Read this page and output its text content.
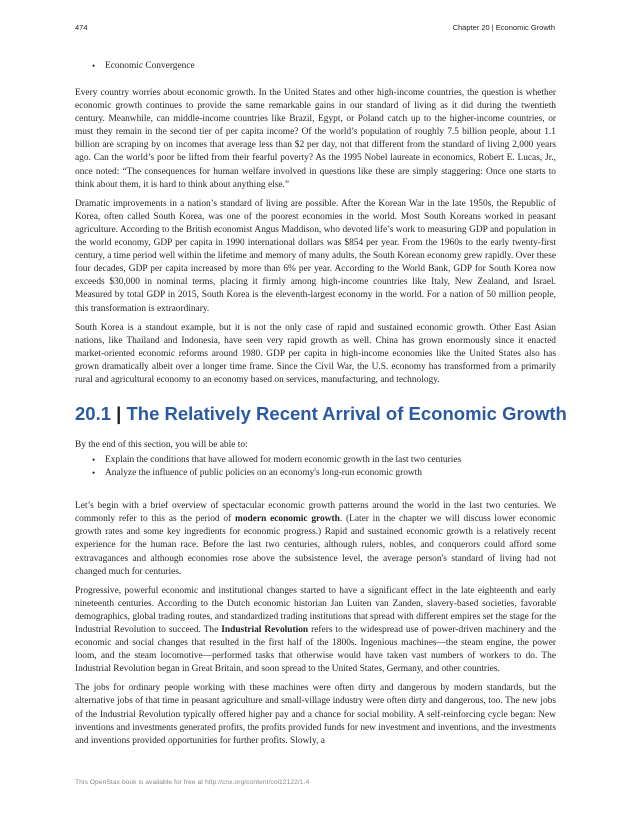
474	Chapter 20 | Economic Growth
• Economic Convergence

Every country worries about economic growth. In the United States and other high-income countries, the question is whether economic growth continues to provide the same remarkable gains in our standard of living as it did during the twentieth century. Meanwhile, can middle-income countries like Brazil, Egypt, or Poland catch up to the higher-income countries, or must they remain in the second tier of per capita income? Of the world’s population of roughly 7.5 billion people, about 1.1 billion are scraping by on incomes that average less than $2 per day, not that different from the standard of living 2,000 years ago. Can the world’s poor be lifted from their fearful poverty? As the 1995 Nobel laureate in economics, Robert E. Lucas, Jr., once noted: “The consequences for human welfare involved in questions like these are simply staggering: Once one starts to think about them, it is hard to think about anything else.”

Dramatic improvements in a nation’s standard of living are possible. After the Korean War in the late 1950s, the Republic of Korea, often called South Korea, was one of the poorest economies in the world. Most South Koreans worked in peasant agriculture. According to the British economist Angus Maddison, who devoted life’s work to measuring GDP and population in the world economy, GDP per capita in 1990 international dollars was $854 per year. From the 1960s to the early twenty-first century, a time period well within the lifetime and memory of many adults, the South Korean economy grew rapidly. Over these four decades, GDP per capita increased by more than 6% per year. According to the World Bank, GDP for South Korea now exceeds $30,000 in nominal terms, placing it firmly among high-income countries like Italy, New Zealand, and Israel. Measured by total GDP in 2015, South Korea is the eleventh-largest economy in the world. For a nation of 50 million people, this transformation is extraordinary.

South Korea is a standout example, but it is not the only case of rapid and sustained economic growth. Other East Asian nations, like Thailand and Indonesia, have seen very rapid growth as well. China has grown enormously since it enacted market-oriented economic reforms around 1980. GDP per capita in high-income economies like the United States also has grown dramatically albeit over a longer time frame. Since the Civil War, the U.S. economy has transformed from a primarily rural and agricultural economy to an economy based on services, manufacturing, and technology.

20.1 | The Relatively Recent Arrival of Economic Growth

By the end of this section, you will be able to:

• Explain the conditions that have allowed for modern economic growth in the last two centuries
• Analyze the influence of public policies on an economy's long-run economic growth

Let’s begin with a brief overview of spectacular economic growth patterns around the world in the last two centuries. We commonly refer to this as the period of modern economic growth. (Later in the chapter we will discuss lower economic growth rates and some key ingredients for economic progress.) Rapid and sustained economic growth is a relatively recent experience for the human race. Before the last two centuries, although rulers, nobles, and conquerors could afford some extravagances and although economies rose above the subsistence level, the average person's standard of living had not changed much for centuries.

Progressive, powerful economic and institutional changes started to have a significant effect in the late eighteenth and early nineteenth centuries. According to the Dutch economic historian Jan Luiten van Zanden, slavery-based societies, favorable demographics, global trading routes, and standardized trading institutions that spread with different empires set the stage for the Industrial Revolution to succeed. The Industrial Revolution refers to the widespread use of power-driven machinery and the economic and social changes that resulted in the first half of the 1800s. Ingenious machines—the steam engine, the power loom, and the steam locomotive—performed tasks that otherwise would have taken vast numbers of workers to do. The Industrial Revolution began in Great Britain, and soon spread to the United States, Germany, and other countries.

The jobs for ordinary people working with these machines were often dirty and dangerous by modern standards, but the alternative jobs of that time in peasant agriculture and small-village industry were often dirty and dangerous, too. The new jobs of the Industrial Revolution typically offered higher pay and a chance for social mobility. A self-reinforcing cycle began: New inventions and investments generated profits, the profits provided funds for new investment and inventions, and the investments and inventions provided opportunities for further profits. Slowly, a

This OpenStax book is available for free at http://cnx.org/content/col12122/1.4
